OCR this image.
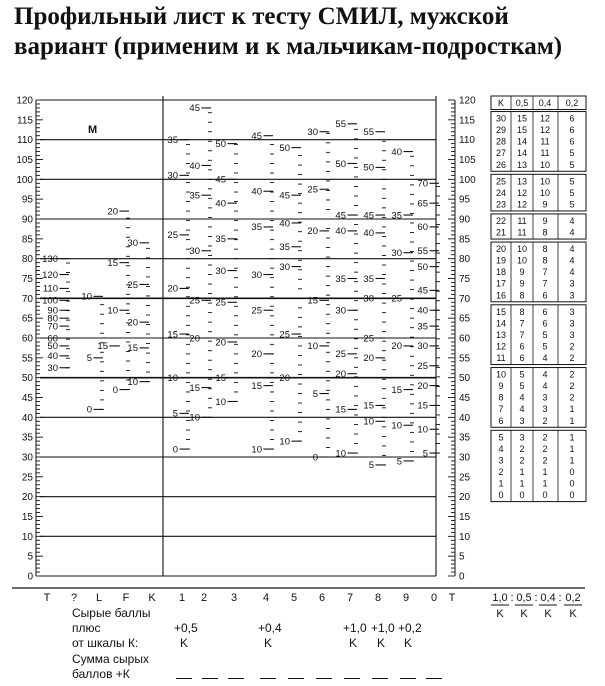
Профильный лист к тесту СМИЛ, мужской
вариант (применим и к мальчикам-подросткам)
120	120
115	115
110	110
105	105
100	100
95	95
90	90
85	85
80	80
75	75
70	70
65	65
60	60
55	55
50	50
45	45
40	40
35	35
30	30
25	25
20	20
15	15
10	10
5	5
0	0
130
120
110
100
90
80
70
60
50
40
30
10
5
0
15
20
15
10
0
30
25
20
15
10
35
30
25
20
15
10
5
0
45
40
35
30
25
20
15
10
50
45
40
35
30
25
20
15
10
45
40
35
30
25
20
15
10
50
45
40
35
30
25
20
10
30
25
20
15
10
5
0
55
50
45
40
35
30
25
20
15
10
55
50
45
40
35
30
25
20
15
10
5
40
35
30
25
20
15
10
5
70
65
60
55
50
45
40
35
30
25
20
15
10
5
T ? L F K 1 2 3 4 5 6 7 8 9 0 T
K 0,5 0,4 0,2
30 15 12 6
29 15 12 6
28 14 11 6
27 14 11 5
26 13 10 5
25 13 10 5
24 12 10 5
23 12 9 5
22 11 9 4
21 11 8 4
20 10 8 4
19 10 8 4
18 9 7 4
17 9 7 3
16 8 6 3
15 8 6 3
14 7 6 3
13 7 5 3
12 6 5 2
11 6 4 2
10 5 4 2
9 5 4 2
8 4 3 2
7 4 3 1
6 3 2 1
5 3 2 1
4 2 2 1
3 2 2 1
2 1 1 0
1 1 1 0
0 0 0 0
1,0
K
0,5
K
0,4
K
0,2
K
: : :
М
Сырые баллы
плюс
от шкалы К:
Сумма сырых
баллов +К
+0,5
K
+0,4
K
+1,0
K
+1,0
K
+0,2
K
